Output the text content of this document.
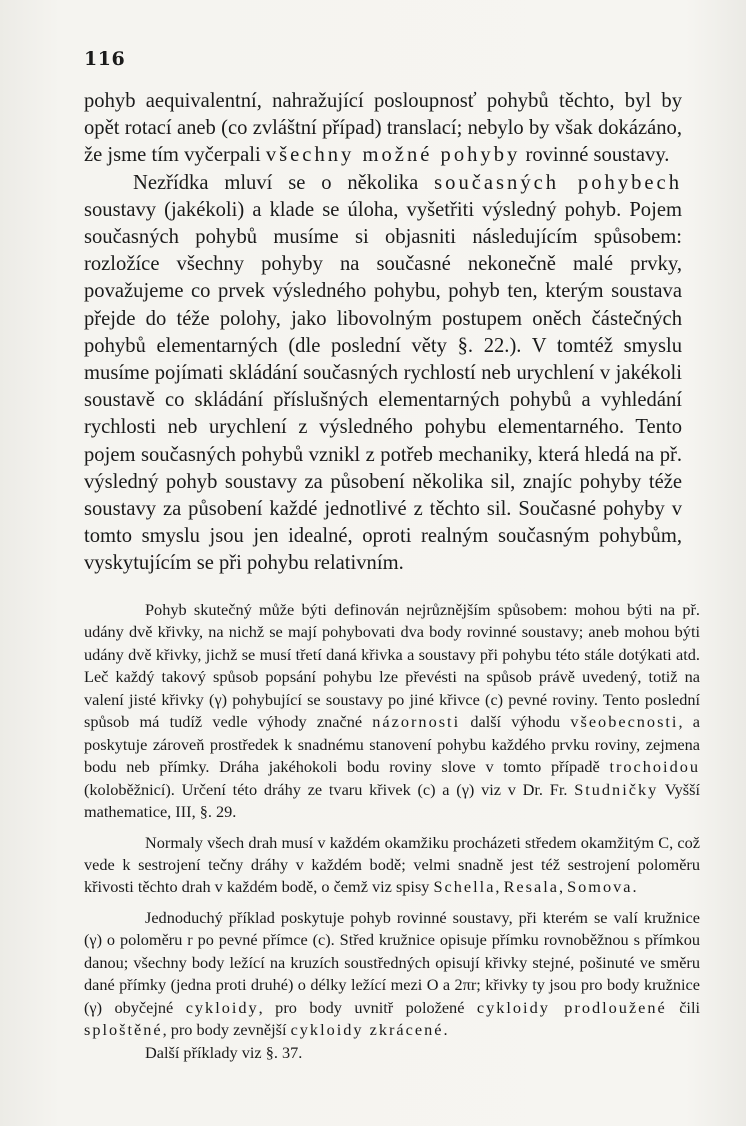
116

pohyb aequivalentní, nahražující posloupnosť pohybů těchto, byl by opět rotací aneb (co zvláštní případ) translací; nebylo by však dokázáno, že jsme tím vyčerpali všechny možné pohyby rovinné soustavy.

Nezřídka mluví se o několika současných pohybech soustavy (jakékoli) a klade se úloha, vyšetřiti výsledný pohyb. Pojem současných pohybů musíme si objasniti následujícím spůsobem: rozložíce všechny pohyby na současné nekonečně malé prvky, považujeme co prvek výsledného pohybu, pohyb ten, kterým soustava přejde do téže polohy, jako libovolným postupem oněch částečných pohybů elementarných (dle poslední věty §. 22.). V tomtéž smyslu musíme pojímati skládání současných rychlostí neb urychlení v jakékoli soustavě co skládání příslušných elementarných pohybů a vyhledání rychlosti neb urychlení z výsledného pohybu elementarného. Tento pojem současných pohybů vznikl z potřeb mechaniky, která hledá na př. výsledný pohyb soustavy za působení několika sil, znajíc pohyby téže soustavy za působení každé jednotlivé z těchto sil. Současné pohyby v tomto smyslu jsou jen idealné, oproti realným současným pohybům, vyskytujícím se při pohybu relativním.

Pohyb skutečný může býti definován nejrůznějším spůsobem: mohou býti na př. udány dvě křivky, na nichž se mají pohybovati dva body rovinné soustavy; aneb mohou býti udány dvě křivky, jichž se musí třetí daná křivka a soustavy při pohybu této stále dotýkati atd. Leč každý takový spůsob popsání pohybu lze převésti na spůsob právě uvedený, totiž na valení jisté křivky (γ) pohybující se soustavy po jiné křivce (c) pevné roviny. Tento poslední spůsob má tudíž vedle výhody značné názornosti další výhodu všeobecnosti, a poskytuje zároveň prostředek k snadnému stanovení pohybu každého prvku roviny, zejmena bodu neb přímky. Dráha jakéhokoli bodu roviny slove v tomto případě trochoidou (koloběžnicí). Určení této dráhy ze tvaru křivek (c) a (γ) viz v Dr. Fr. Studničky Vyšší mathematice, III, §. 29.

Normaly všech drah musí v každém okamžiku procházeti středem okamžitým C, což vede k sestrojení tečny dráhy v každém bodě; velmi snadně jest též sestrojení poloměru křivosti těchto drah v každém bodě, o čemž viz spisy Schella, Resala, Somova.

Jednoduchý příklad poskytuje pohyb rovinné soustavy, při kterém se valí kružnice (γ) o poloměru r po pevné přímce (c). Střed kružnice opisuje přímku rovnoběžnou s přímkou danou; všechny body ležící na kruzích soustředných opisují křivky stejné, pošinuté ve směru dané přímky (jedna proti druhé) o délky ležící mezi O a 2πr; křivky ty jsou pro body kružnice (γ) obyčejné cykloidy, pro body uvnitř položené cykloidy prodloužené čili sploštěné, pro body zevnější cykloidy zkrácené.

Další příklady viz §. 37.
